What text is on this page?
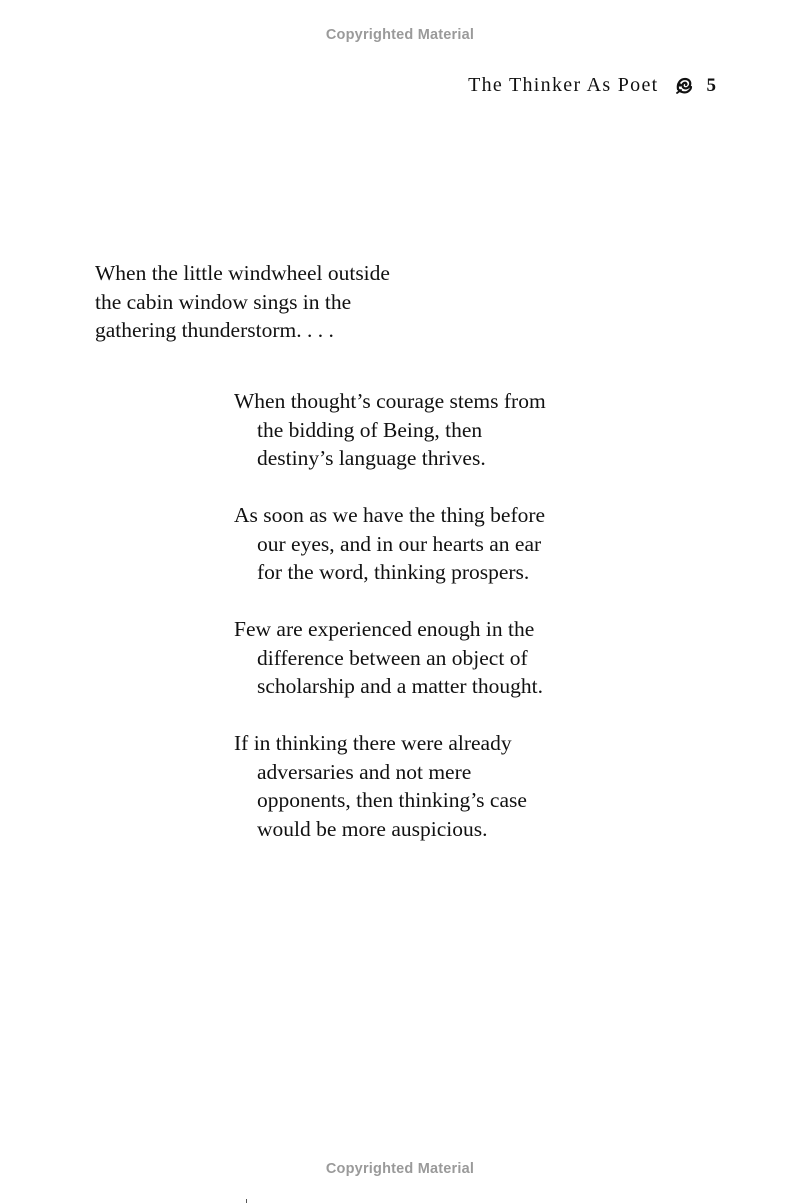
Copyrighted Material
The Thinker As Poet	5
When the little windwheel outside
the cabin window sings in the
gathering thunderstorm. . . .
When thought’s courage stems from
the bidding of Being, then
destiny’s language thrives.
As soon as we have the thing before
our eyes, and in our hearts an ear
for the word, thinking prospers.
Few are experienced enough in the
difference between an object of
scholarship and a matter thought.
If in thinking there were already
adversaries and not mere
opponents, then thinking’s case
would be more auspicious.
Copyrighted Material
